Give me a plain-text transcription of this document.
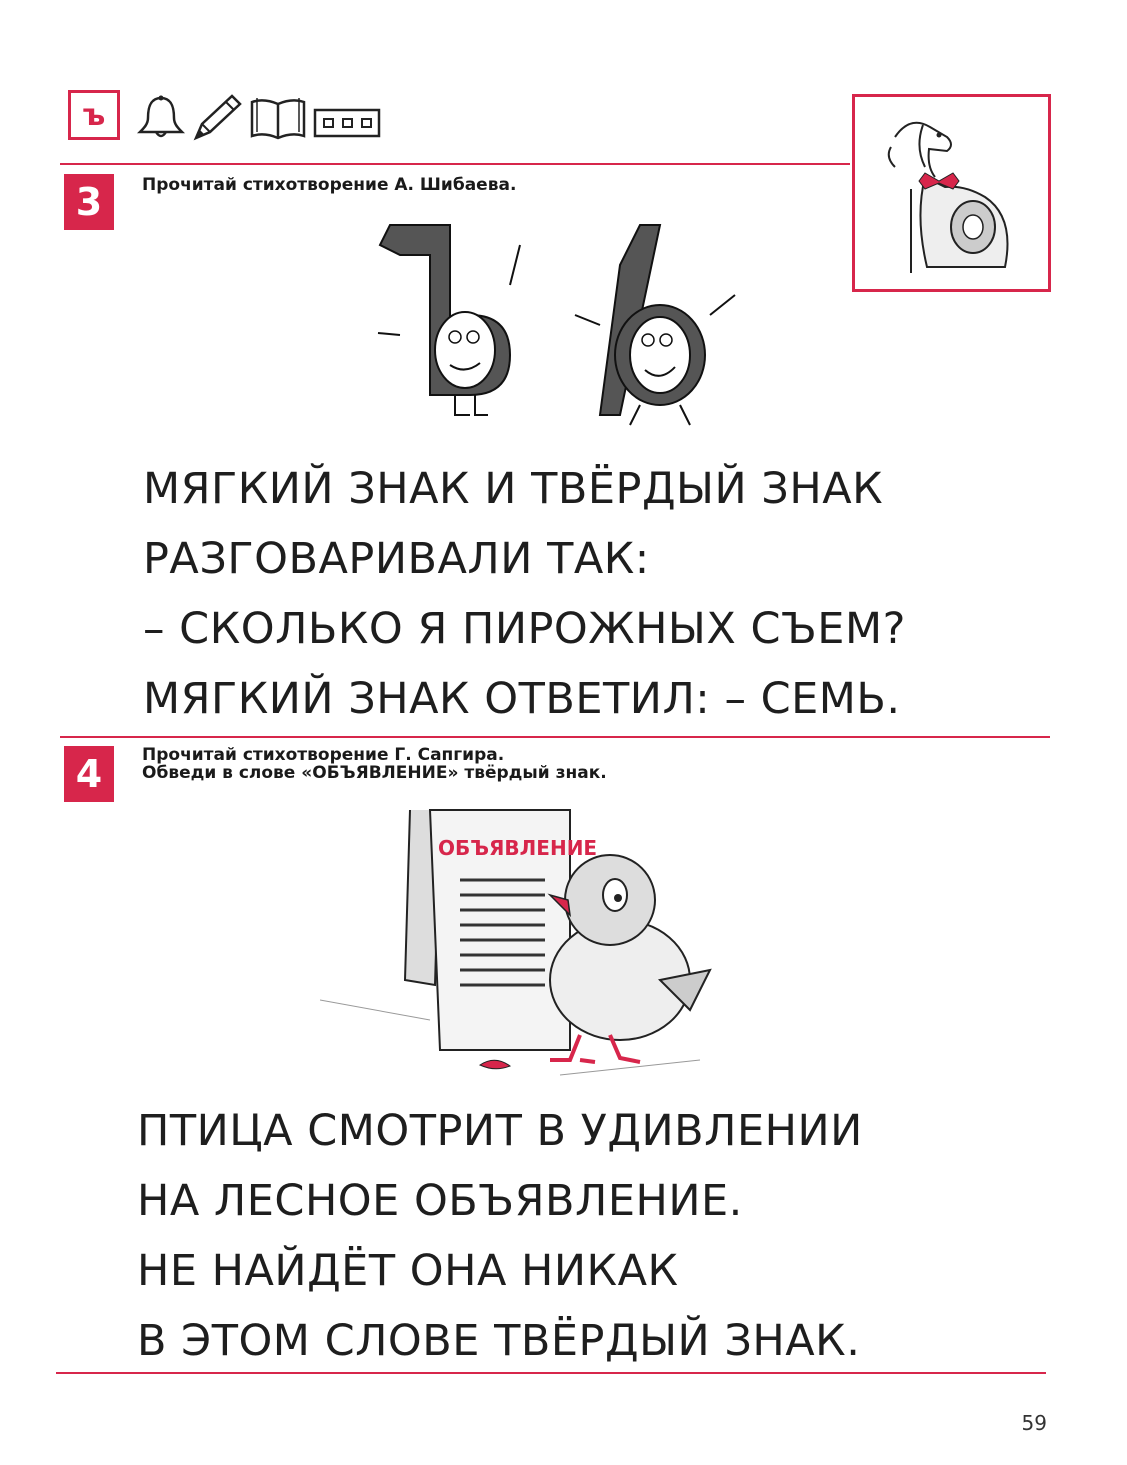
ъ
3	Прочитай стихотворение А. Шибаева.
МЯГКИЙ ЗНАК И ТВЁРДЫЙ ЗНАК
РАЗГОВАРИВАЛИ ТАК:
– СКОЛЬКО Я ПИРОЖНЫХ СЪЕМ?
МЯГКИЙ ЗНАК ОТВЕТИЛ: – СЕМЬ.
4	Прочитай стихотворение Г. Сапгира.
Обведи в слове «ОБЪЯВЛЕНИЕ» твёрдый знак.
ОБЪЯВЛЕНИЕ
ПТИЦА СМОТРИТ В УДИВЛЕНИИ
НА ЛЕСНОЕ ОБЪЯВЛЕНИЕ.
НЕ НАЙДЁТ ОНА НИКАК
В ЭТОМ СЛОВЕ ТВЁРДЫЙ ЗНАК.
59
